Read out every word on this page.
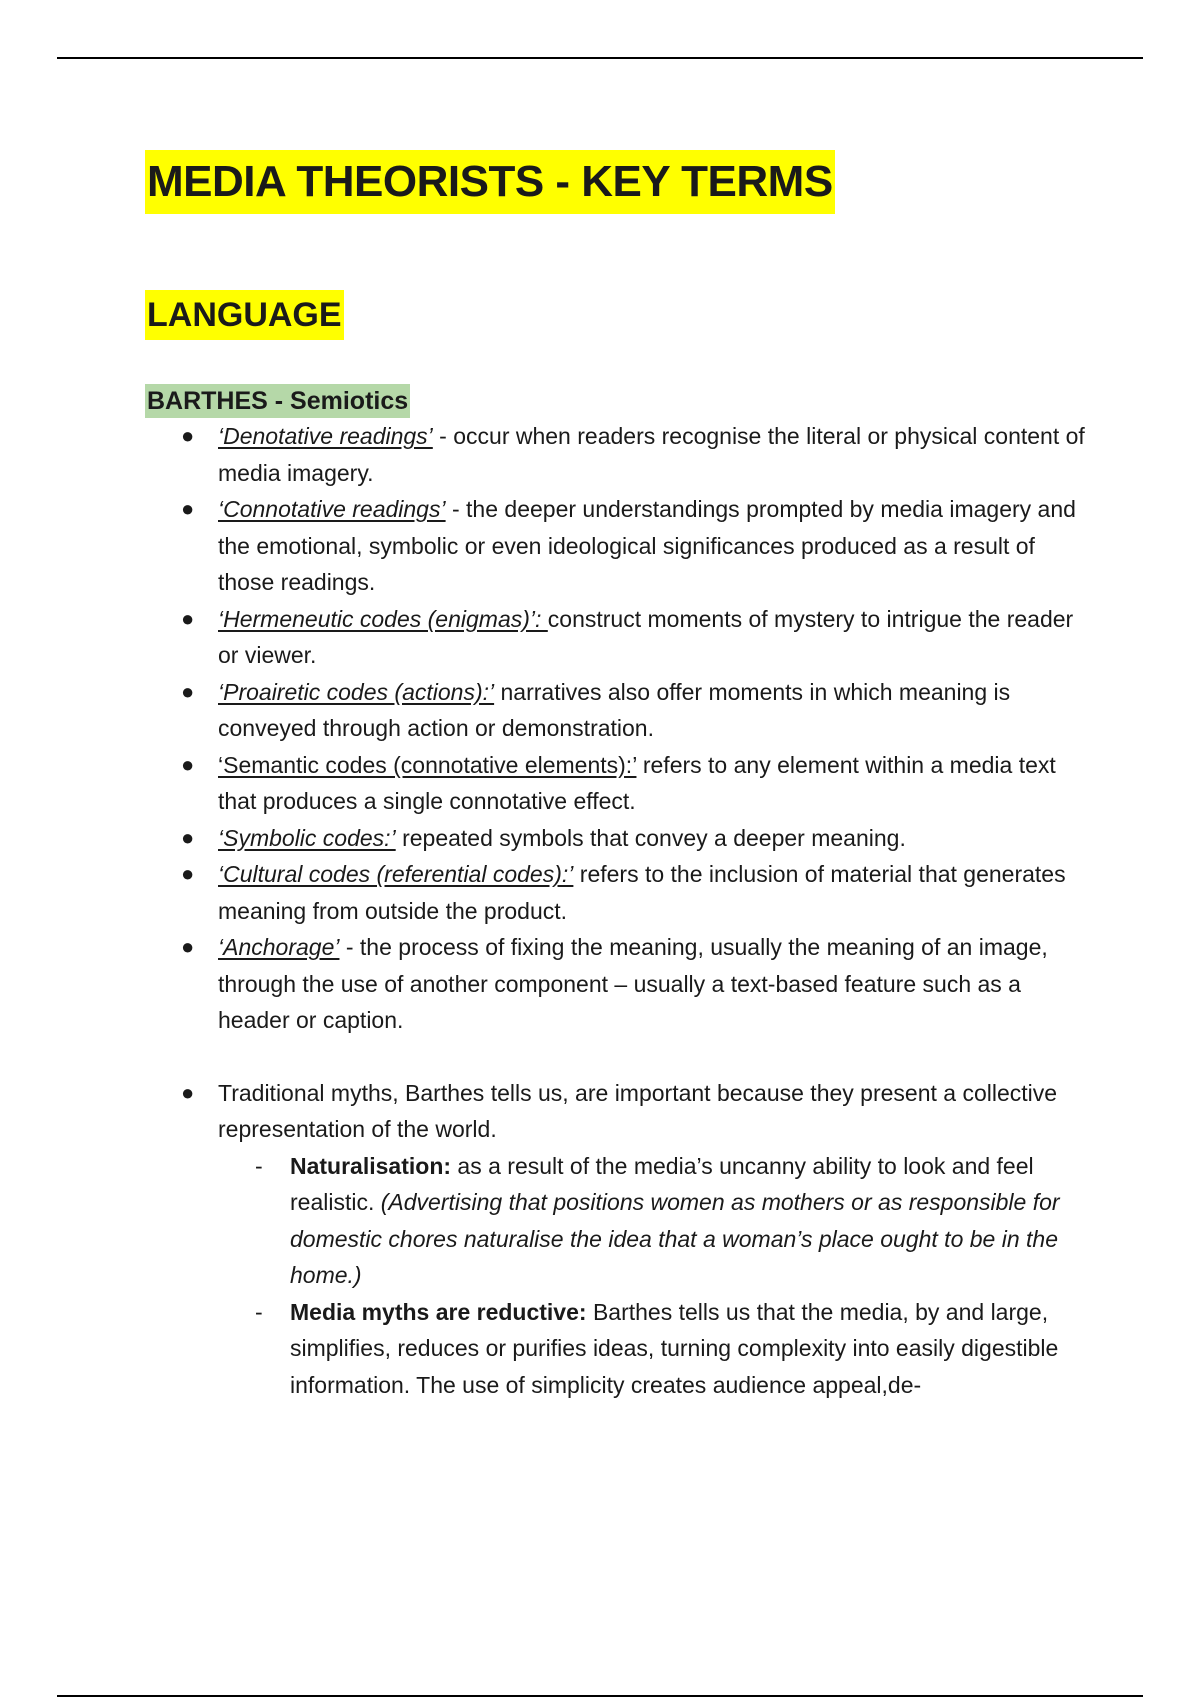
MEDIA THEORISTS - KEY TERMS
LANGUAGE
BARTHES - Semiotics
● ‘Denotative readings’ - occur when readers recognise the literal or physical content of media imagery.
● ‘Connotative readings’ - the deeper understandings prompted by media imagery and the emotional, symbolic or even ideological significances produced as a result of those readings.
● ‘Hermeneutic codes (enigmas)’: construct moments of mystery to intrigue the reader or viewer.
● ‘Proairetic codes (actions):’ narratives also offer moments in which meaning is conveyed through action or demonstration.
● ‘Semantic codes (connotative elements):’ refers to any element within a media text that produces a single connotative effect.
● ‘Symbolic codes:’ repeated symbols that convey a deeper meaning.
● ‘Cultural codes (referential codes):’ refers to the inclusion of material that generates meaning from outside the product.
● ‘Anchorage’ - the process of fixing the meaning, usually the meaning of an image, through the use of another component – usually a text-based feature such as a header or caption.
● Traditional myths, Barthes tells us, are important because they present a collective representation of the world.
- Naturalisation: as a result of the media’s uncanny ability to look and feel realistic. (Advertising that positions women as mothers or as responsible for domestic chores naturalise the idea that a woman’s place ought to be in the home.)
- Media myths are reductive: Barthes tells us that the media, by and large, simplifies, reduces or purifies ideas, turning complexity into easily digestible information. The use of simplicity creates audience appeal,de-
